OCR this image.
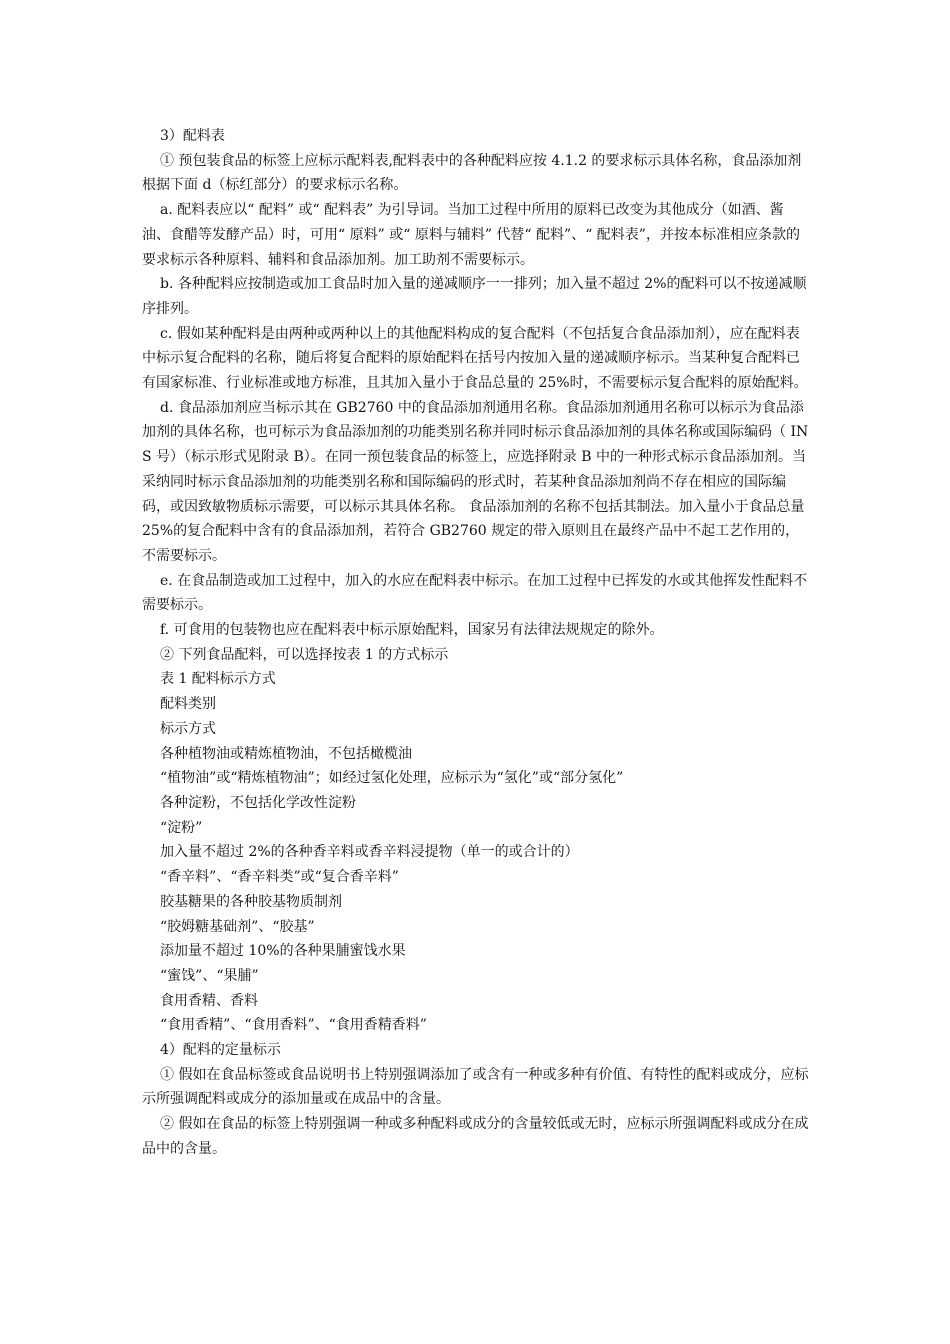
3）配料表

① 预包装食品的标签上应标示配料表,配料表中的各种配料应按 4.1.2 的要求标示具体名称，食品添加剂根据下面 d（标红部分）的要求标示名称。

a. 配料表应以“ 配料” 或“ 配料表” 为引导词。当加工过程中所用的原料已改变为其他成分（如酒、酱油、食醋等发酵产品）时，可用“ 原料” 或“ 原料与辅料” 代替“ 配料”、“ 配料表”，并按本标准相应条款的要求标示各种原料、辅料和食品添加剂。加工助剂不需要标示。

b. 各种配料应按制造或加工食品时加入量的递减顺序一一排列；加入量不超过 2%的配料可以不按递减顺序排列。

c. 假如某种配料是由两种或两种以上的其他配料构成的复合配料（不包括复合食品添加剂），应在配料表中标示复合配料的名称，随后将复合配料的原始配料在括号内按加入量的递减顺序标示。当某种复合配料已有国家标准、行业标准或地方标准，且其加入量小于食品总量的 25%时，不需要标示复合配料的原始配料。

d. 食品添加剂应当标示其在 GB2760 中的食品添加剂通用名称。食品添加剂通用名称可以标示为食品添加剂的具体名称，也可标示为食品添加剂的功能类别名称并同时标示食品添加剂的具体名称或国际编码（ INS 号）（标示形式见附录 B）。在同一预包装食品的标签上，应选择附录 B 中的一种形式标示食品添加剂。当采纳同时标示食品添加剂的功能类别名称和国际编码的形式时，若某种食品添加剂尚不存在相应的国际编码，或因致敏物质标示需要，可以标示其具体名称。 食品添加剂的名称不包括其制法。加入量小于食品总量 25%的复合配料中含有的食品添加剂，若符合 GB2760 规定的带入原则且在最终产品中不起工艺作用的，不需要标示。

e. 在食品制造或加工过程中，加入的水应在配料表中标示。在加工过程中已挥发的水或其他挥发性配料不需要标示。

f. 可食用的包装物也应在配料表中标示原始配料，国家另有法律法规规定的除外。

② 下列食品配料，可以选择按表 1 的方式标示

表 1 配料标示方式

配料类别

标示方式

各种植物油或精炼植物油，不包括橄榄油

“植物油”或“精炼植物油”；如经过氢化处理，应标示为“氢化”或“部分氢化”

各种淀粉，不包括化学改性淀粉

“淀粉”

加入量不超过 2%的各种香辛料或香辛料浸提物（单一的或合计的）

“香辛料”、“香辛料类”或“复合香辛料”

胶基糖果的各种胶基物质制剂

“胶姆糖基础剂”、“胶基”

添加量不超过 10%的各种果脯蜜饯水果

“蜜饯”、“果脯”

食用香精、香料

“食用香精”、“食用香料”、“食用香精香料”

4）配料的定量标示

① 假如在食品标签或食品说明书上特别强调添加了或含有一种或多种有价值、有特性的配料或成分，应标示所强调配料或成分的添加量或在成品中的含量。

② 假如在食品的标签上特别强调一种或多种配料或成分的含量较低或无时，应标示所强调配料或成分在成品中的含量。
